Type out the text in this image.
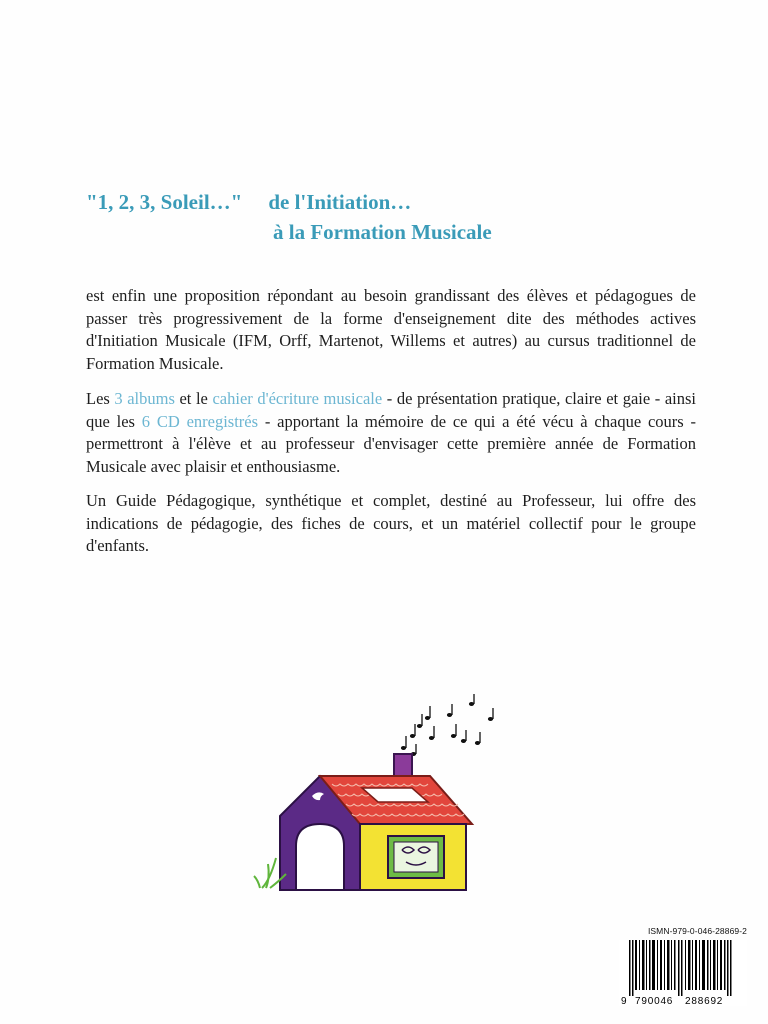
"1, 2, 3, Soleil…" de l'Initiation…
à la Formation Musicale

est enfin une proposition répondant au besoin grandissant des élèves et pédagogues de passer très progressivement de la forme d'enseignement dite des méthodes actives d'Initiation Musicale (IFM, Orff, Martenot, Willems et autres) au cursus traditionnel de Formation Musicale.

Les 3 albums et le cahier d'écriture musicale - de présentation pratique, claire et gaie - ainsi que les 6 CD enregistrés - apportant la mémoire de ce qui a été vécu à chaque cours - permettront à l'élève et au professeur d'envisager cette première année de Formation Musicale avec plaisir et enthousiasme.

Un Guide Pédagogique, synthétique et complet, destiné au Professeur, lui offre des indications de pédagogie, des fiches de cours, et un matériel collectif pour le groupe d'enfants.

ISMN-979-0-046-28869-2
9 790046 288692
